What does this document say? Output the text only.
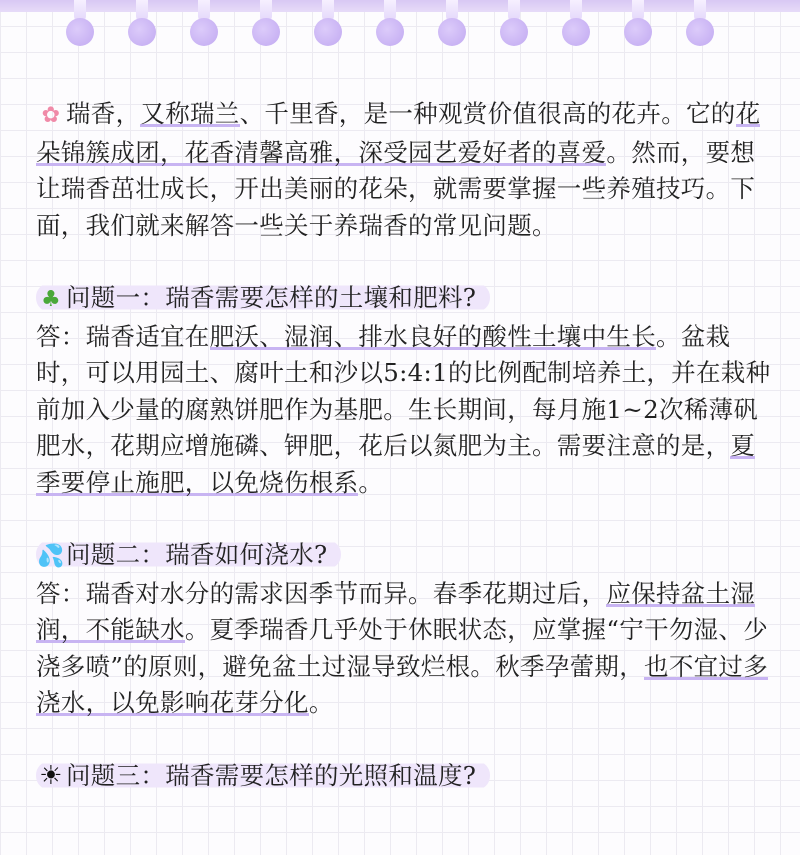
✿ 瑞香，又称瑞兰、千里香，是一种观赏价值很高的花卉。它的花朵锦簇成团，花香清馨高雅，深受园艺爱好者的喜爱。然而，要想让瑞香茁壮成长，开出美丽的花朵，就需要掌握一些养殖技巧。下面，我们就来解答一些关于养瑞香的常见问题。

♣ 问题一：瑞香需要怎样的土壤和肥料?

答：瑞香适宜在肥沃、湿润、排水良好的酸性土壤中生长。盆栽时，可以用园土、腐叶土和沙以5:4:1的比例配制培养土，并在栽种前加入少量的腐熟饼肥作为基肥。生长期间，每月施1~2次稀薄矾肥水，花期应增施磷、钾肥，花后以氮肥为主。需要注意的是，夏季要停止施肥，以免烧伤根系。

💦问题二：瑞香如何浇水?

答：瑞香对水分的需求因季节而异。春季花期过后，应保持盆土湿润，不能缺水。夏季瑞香几乎处于休眠状态，应掌握“宁干勿湿、少浇多喷”的原则，避免盆土过湿导致烂根。秋季孕蕾期，也不宜过多浇水，以免影响花芽分化。

☀ 问题三：瑞香需要怎样的光照和温度?
